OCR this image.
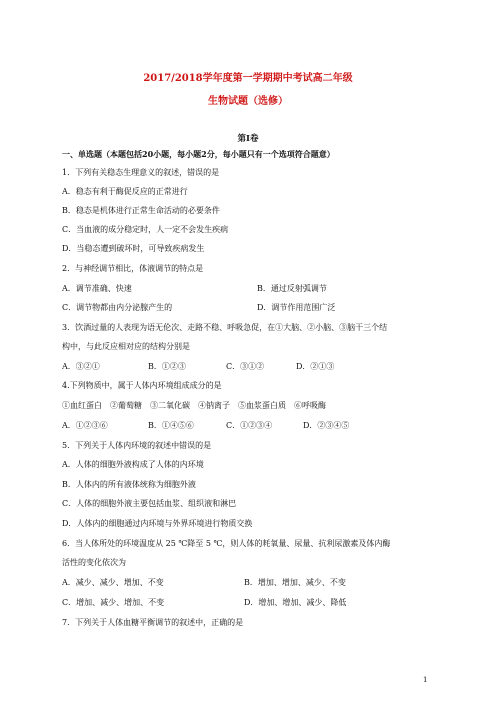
2017/2018学年度第一学期期中考试高二年级
生物试题（选修）
第Ⅰ卷
一、单选题（本题包括20小题，每小题2分，每小题只有一个选项符合题意）
1．下列有关稳态生理意义的叙述，错误的是
A．稳态有利于酶促反应的正常进行
B．稳态是机体进行正常生命活动的必要条件
C．当血液的成分稳定时，人一定不会发生疾病
D．当稳态遭到破坏时，可导致疾病发生
2．与神经调节相比，体液调节的特点是
A．调节准确、快速	B．通过反射弧调节
C．调节物都由内分泌腺产生的	D．调节作用范围广泛
3．饮酒过量的人表现为语无伦次、走路不稳、呼吸急促，在①大脑、②小脑、③脑干三个结
构中，与此反应相对应的结构分别是
A．③②①	B．①②③	C．③①②	D．②①③
4.下列物质中，属于人体内环境组成成分的是
①血红蛋白　②葡萄糖　③二氧化碳　④钠离子　⑤血浆蛋白质　⑥呼吸酶
A．①②③⑥	B．①④⑤⑥	C．①②③④	D．②③④⑤
5．下列关于人体内环境的叙述中错误的是
A．人体的细胞外液构成了人体的内环境
B．人体内的所有液体统称为细胞外液
C．人体的细胞外液主要包括血浆、组织液和淋巴
D．人体内的细胞通过内环境与外界环境进行物质交换
6．当人体所处的环境温度从 25 ℃降至 5 ℃，则人体的耗氧量、尿量、抗利尿激素及体内酶
活性的变化依次为
A．减少、减少、增加、不变	B．增加、增加、减少、不变
C．增加、减少、增加、不变	D．增加、增加、减少、降低
7．下列关于人体血糖平衡调节的叙述中，正确的是
1
